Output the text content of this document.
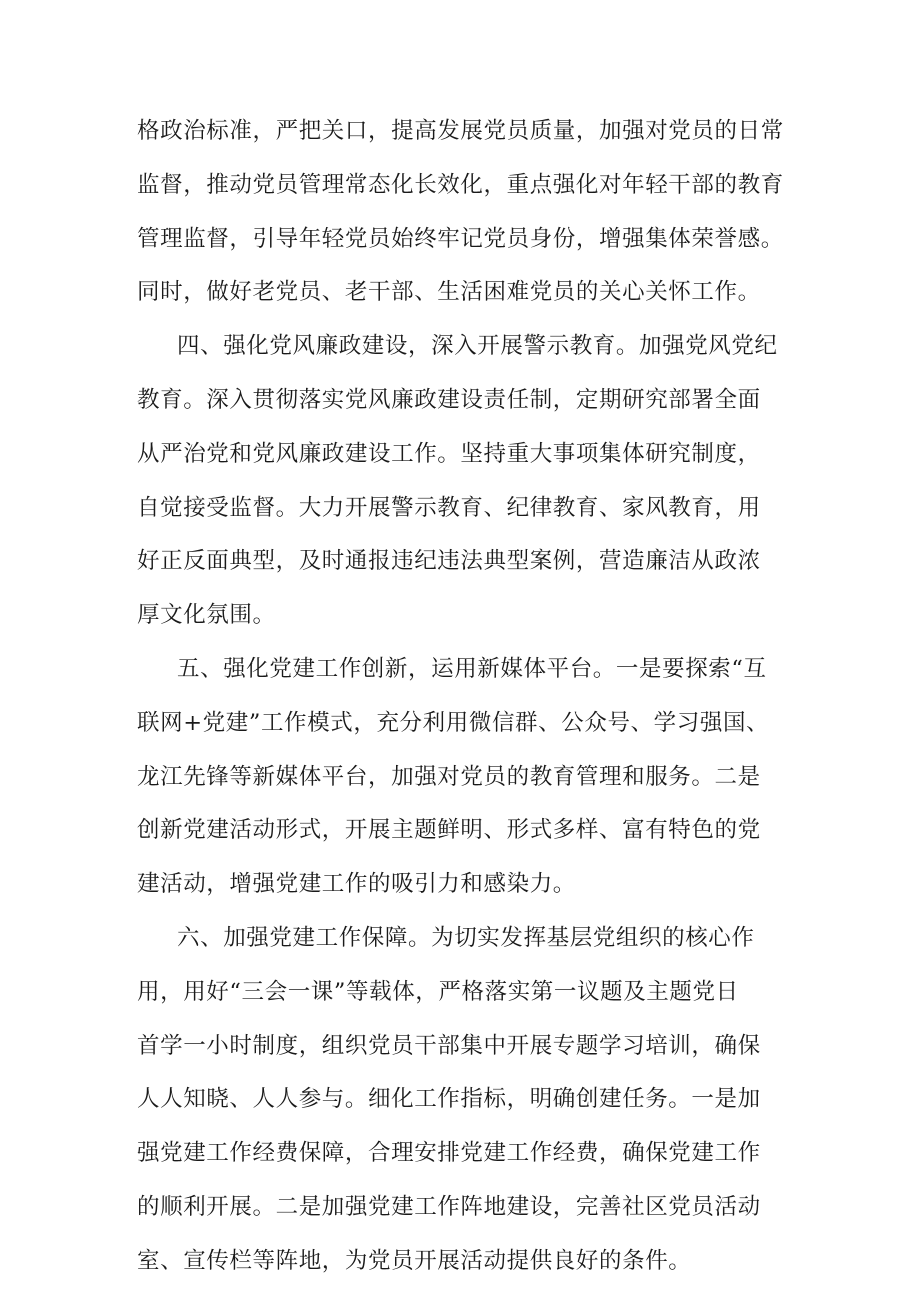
格政治标准，严把关口，提高发展党员质量，加强对党员的日常
监督，推动党员管理常态化长效化，重点强化对年轻干部的教育
管理监督，引导年轻党员始终牢记党员身份，增强集体荣誉感。
同时，做好老党员、老干部、生活困难党员的关心关怀工作。
四、强化党风廉政建设，深入开展警示教育。加强党风党纪
教育。深入贯彻落实党风廉政建设责任制，定期研究部署全面
从严治党和党风廉政建设工作。坚持重大事项集体研究制度，
自觉接受监督。大力开展警示教育、纪律教育、家风教育，用
好正反面典型，及时通报违纪违法典型案例，营造廉洁从政浓
厚文化氛围。
五、强化党建工作创新，运用新媒体平台。一是要探索“互
联网+党建”工作模式，充分利用微信群、公众号、学习强国、
龙江先锋等新媒体平台，加强对党员的教育管理和服务。二是
创新党建活动形式，开展主题鲜明、形式多样、富有特色的党
建活动，增强党建工作的吸引力和感染力。
六、加强党建工作保障。为切实发挥基层党组织的核心作
用，用好“三会一课”等载体，严格落实第一议题及主题党日
首学一小时制度，组织党员干部集中开展专题学习培训，确保
人人知晓、人人参与。细化工作指标，明确创建任务。一是加
强党建工作经费保障，合理安排党建工作经费，确保党建工作
的顺利开展。二是加强党建工作阵地建设，完善社区党员活动
室、宣传栏等阵地，为党员开展活动提供良好的条件。
